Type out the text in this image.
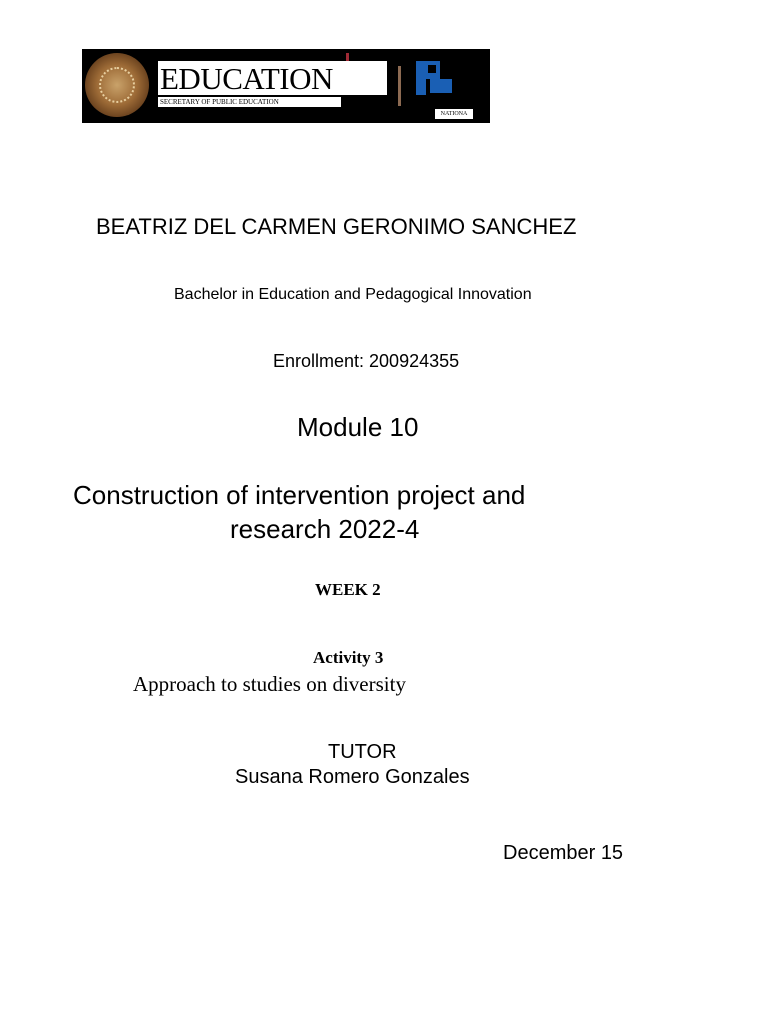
EDUCATION
SECRETARY OF PUBLIC EDUCATION
NATIONA
BEATRIZ DEL CARMEN GERONIMO SANCHEZ
Bachelor in Education and Pedagogical Innovation
Enrollment: 200924355
Module 10
Construction of intervention project and
research 2022-4
WEEK 2
Activity 3
Approach to studies on diversity
TUTOR
Susana Romero Gonzales
December 15
